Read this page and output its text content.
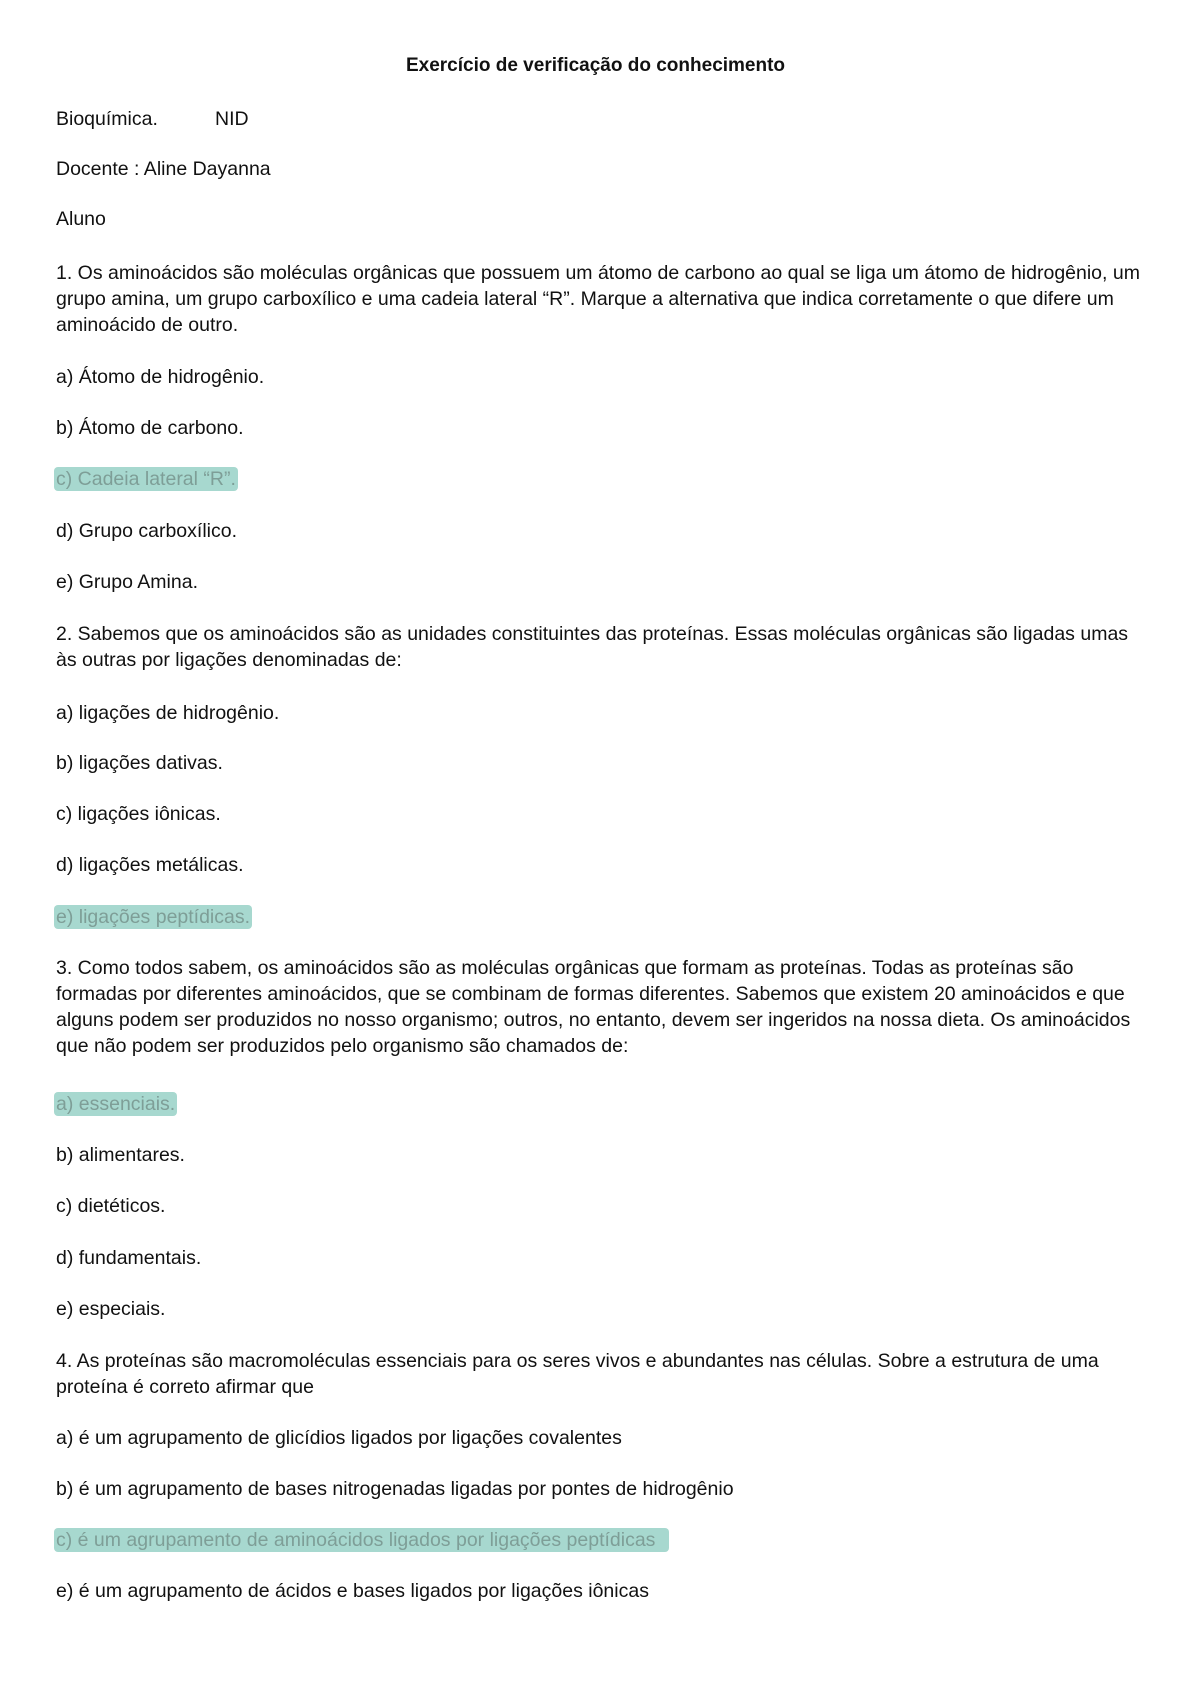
Exercício de verificação do conhecimento
Bioquímica.	NID
Docente : Aline Dayanna
Aluno
1. Os aminoácidos são moléculas orgânicas que possuem um átomo de carbono ao qual se liga um átomo de hidrogênio, um grupo amina, um grupo carboxílico e uma cadeia lateral “R”. Marque a alternativa que indica corretamente o que difere um aminoácido de outro.
a) Átomo de hidrogênio.
b) Átomo de carbono.
c) Cadeia lateral “R”.
d) Grupo carboxílico.
e) Grupo Amina.
2. Sabemos que os aminoácidos são as unidades constituintes das proteínas. Essas moléculas orgânicas são ligadas umas às outras por ligações denominadas de:
a) ligações de hidrogênio.
b) ligações dativas.
c) ligações iônicas.
d) ligações metálicas.
e) ligações peptídicas.
3. Como todos sabem, os aminoácidos são as moléculas orgânicas que formam as proteínas. Todas as proteínas são formadas por diferentes aminoácidos, que se combinam de formas diferentes. Sabemos que existem 20 aminoácidos e que alguns podem ser produzidos no nosso organismo; outros, no entanto, devem ser ingeridos na nossa dieta. Os aminoácidos que não podem ser produzidos pelo organismo são chamados de:
a) essenciais.
b) alimentares.
c) dietéticos.
d) fundamentais.
e) especiais.
4. As proteínas são macromoléculas essenciais para os seres vivos e abundantes nas células. Sobre a estrutura de uma proteína é correto afirmar que
a) é um agrupamento de glicídios ligados por ligações covalentes
b) é um agrupamento de bases nitrogenadas ligadas por pontes de hidrogênio
c) é um agrupamento de aminoácidos ligados por ligações peptídicas
e) é um agrupamento de ácidos e bases ligados por ligações iônicas
